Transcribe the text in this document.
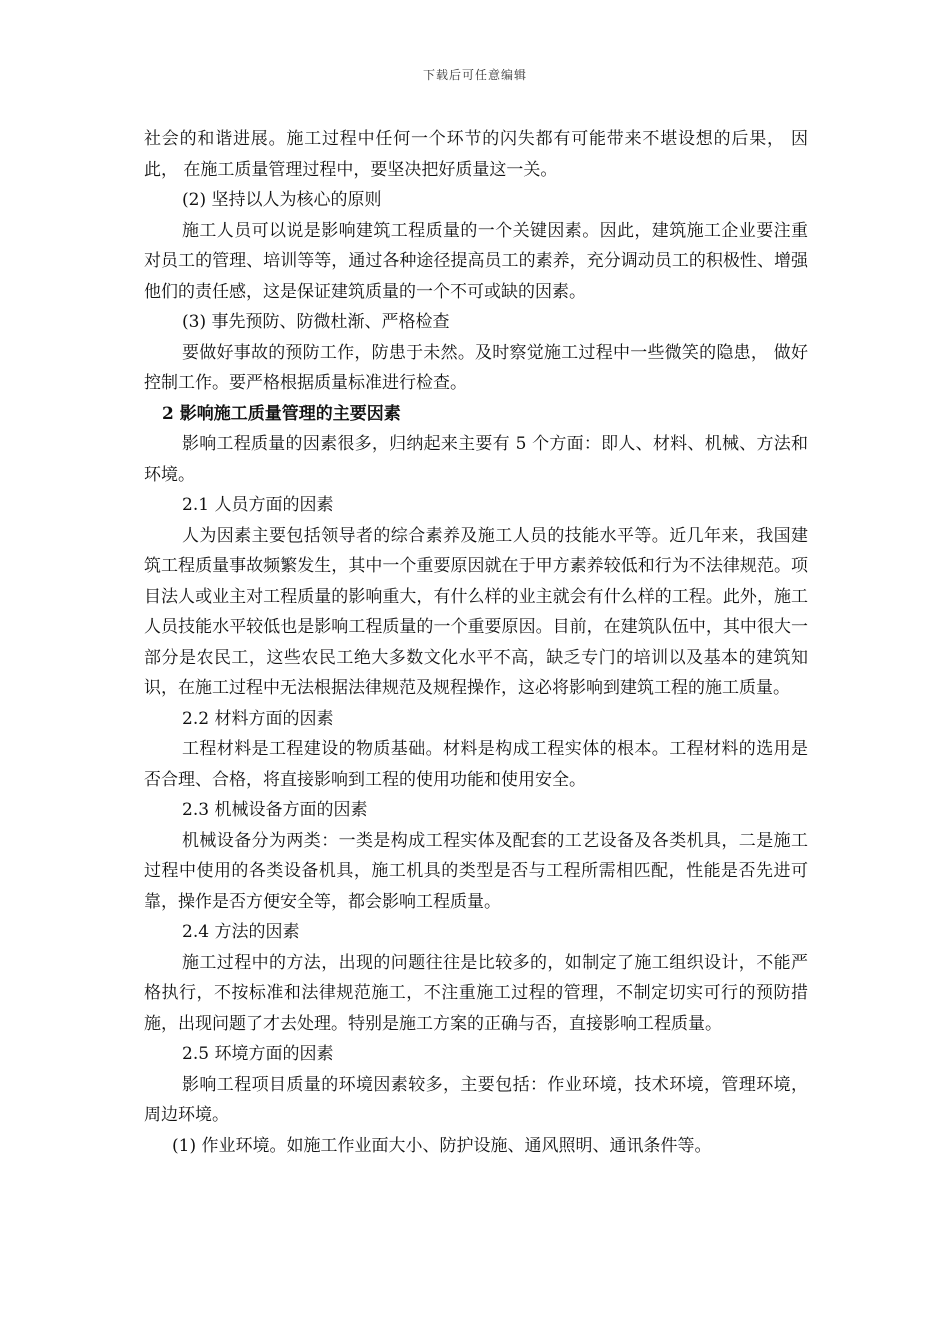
下载后可任意编辑

社会的和谐进展。施工过程中任何一个环节的闪失都有可能带来不堪设想的后果， 因此， 在施工质量管理过程中，要坚决把好质量这一关。

(2) 坚持以人为核心的原则

施工人员可以说是影响建筑工程质量的一个关键因素。因此，建筑施工企业要注重对员工的管理、培训等等，通过各种途径提高员工的素养，充分调动员工的积极性、增强他们的责任感，这是保证建筑质量的一个不可或缺的因素。

(3) 事先预防、防微杜渐、严格检查

要做好事故的预防工作，防患于未然。及时察觉施工过程中一些微笑的隐患， 做好控制工作。要严格根据质量标准进行检查。

2 影响施工质量管理的主要因素

影响工程质量的因素很多，归纳起来主要有 5 个方面：即人、材料、机械、方法和环境。

2.1 人员方面的因素

人为因素主要包括领导者的综合素养及施工人员的技能水平等。近几年来，我国建筑工程质量事故频繁发生，其中一个重要原因就在于甲方素养较低和行为不法律规范。项目法人或业主对工程质量的影响重大，有什么样的业主就会有什么样的工程。此外，施工人员技能水平较低也是影响工程质量的一个重要原因。目前，在建筑队伍中，其中很大一部分是农民工，这些农民工绝大多数文化水平不高，缺乏专门的培训以及基本的建筑知识，在施工过程中无法根据法律规范及规程操作，这必将影响到建筑工程的施工质量。

2.2 材料方面的因素

工程材料是工程建设的物质基础。材料是构成工程实体的根本。工程材料的选用是否合理、合格，将直接影响到工程的使用功能和使用安全。

2.3 机械设备方面的因素

机械设备分为两类：一类是构成工程实体及配套的工艺设备及各类机具，二是施工过程中使用的各类设备机具，施工机具的类型是否与工程所需相匹配，性能是否先进可靠，操作是否方便安全等，都会影响工程质量。

2.4 方法的因素

施工过程中的方法，出现的问题往往是比较多的，如制定了施工组织设计，不能严格执行，不按标准和法律规范施工，不注重施工过程的管理，不制定切实可行的预防措施，出现问题了才去处理。特别是施工方案的正确与否，直接影响工程质量。

2.5 环境方面的因素

影响工程项目质量的环境因素较多，主要包括：作业环境，技术环境，管理环境，周边环境。

(1) 作业环境。如施工作业面大小、防护设施、通风照明、通讯条件等。
